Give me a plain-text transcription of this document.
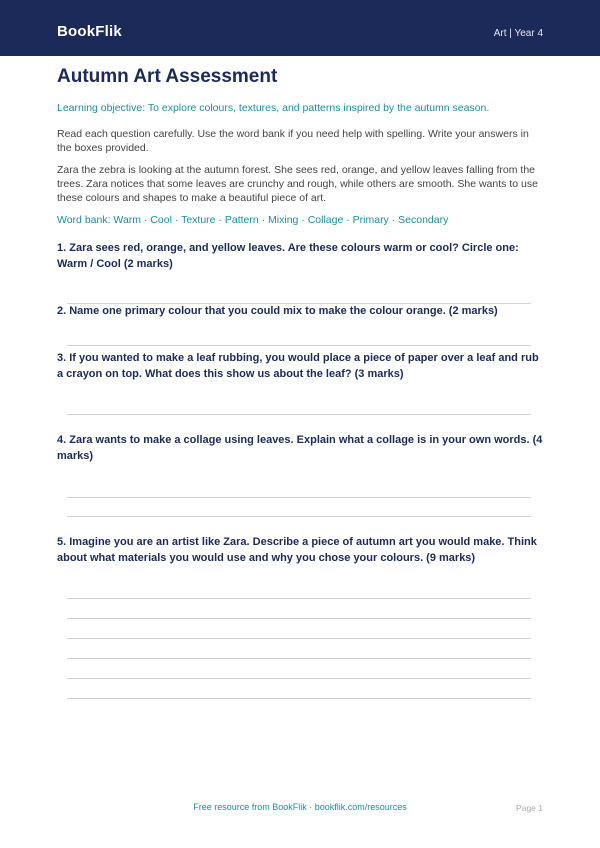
BookFlik	Art | Year 4
Autumn Art Assessment
Learning objective: To explore colours, textures, and patterns inspired by the autumn season.
Read each question carefully. Use the word bank if you need help with spelling. Write your answers in the boxes provided.
Zara the zebra is looking at the autumn forest. She sees red, orange, and yellow leaves falling from the trees. Zara notices that some leaves are crunchy and rough, while others are smooth. She wants to use these colours and shapes to make a beautiful piece of art.
Word bank: Warm · Cool · Texture · Pattern · Mixing · Collage · Primary · Secondary
1. Zara sees red, orange, and yellow leaves. Are these colours warm or cool? Circle one: Warm / Cool (2 marks)
2. Name one primary colour that you could mix to make the colour orange. (2 marks)
3. If you wanted to make a leaf rubbing, you would place a piece of paper over a leaf and rub a crayon on top. What does this show us about the leaf? (3 marks)
4. Zara wants to make a collage using leaves. Explain what a collage is in your own words. (4 marks)
5. Imagine you are an artist like Zara. Describe a piece of autumn art you would make. Think about what materials you would use and why you chose your colours. (9 marks)
Free resource from BookFlik · bookflik.com/resources	Page 1
